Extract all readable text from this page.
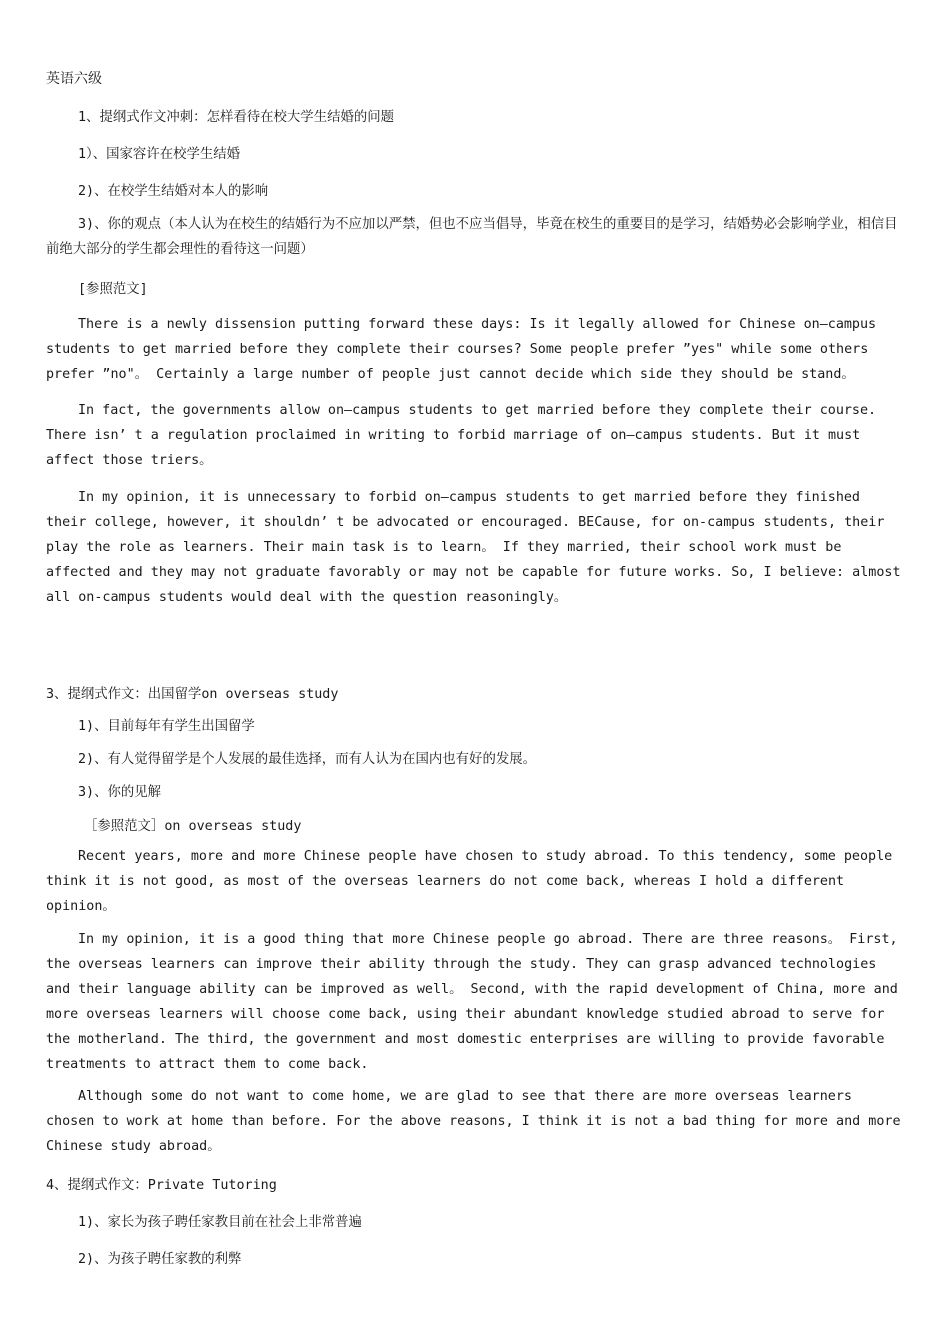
英语六级
1、提纲式作文冲刺：怎样看待在校大学生结婚的问题
1）、国家容许在校学生结婚
2)、在校学生结婚对本人的影响
3)、你的观点（本人认为在校生的结婚行为不应加以严禁，但也不应当倡导，毕竟在校生的重要目的是学习，结婚势必会影响学业，相信目前绝大部分的学生都会理性的看待这一问题）
[参照范文]
There is a newly dissension putting forward these days: Is it legally allowed for Chinese on—campus students to get married before they complete their courses? Some people prefer ”yes" while some others prefer ”no"。 Certainly a large number of people just cannot decide which side they should be stand。
In fact, the governments allow on—campus students to get married before they complete their course. There isn’ t a regulation proclaimed in writing to forbid marriage of on—campus students. But it must affect those triers。
In my opinion, it is unnecessary to forbid on—campus students to get married before they finished their college, however, it shouldn’ t be advocated or encouraged. BECause, for on-campus students, their play the role as learners. Their main task is to learn。 If they married, their school work must be affected and they may not graduate favorably or may not be capable for future works. So, I believe: almost all on-campus students would deal with the question reasoningly。
3、提纲式作文：出国留学on overseas study
1)、目前每年有学生出国留学
2)、有人觉得留学是个人发展的最佳选择，而有人认为在国内也有好的发展。
3)、你的见解
［参照范文］on overseas study
Recent years, more and more Chinese people have chosen to study abroad. To this tendency, some people think it is not good, as most of the overseas learners do not come back, whereas I hold a different opinion。
In my opinion, it is a good thing that more Chinese people go abroad. There are three reasons。 First, the overseas learners can improve their ability through the study. They can grasp advanced technologies and their language ability can be improved as well。 Second, with the rapid development of China, more and more overseas learners will choose come back, using their abundant knowledge studied abroad to serve for the motherland. The third, the government and most domestic enterprises are willing to provide favorable treatments to attract them to come back.
Although some do not want to come home, we are glad to see that there are more overseas learners chosen to work at home than before. For the above reasons, I think it is not a bad thing for more and more Chinese study abroad。
4、提纲式作文：Private Tutoring
1)、家长为孩子聘任家教目前在社会上非常普遍
2)、为孩子聘任家教的利弊
